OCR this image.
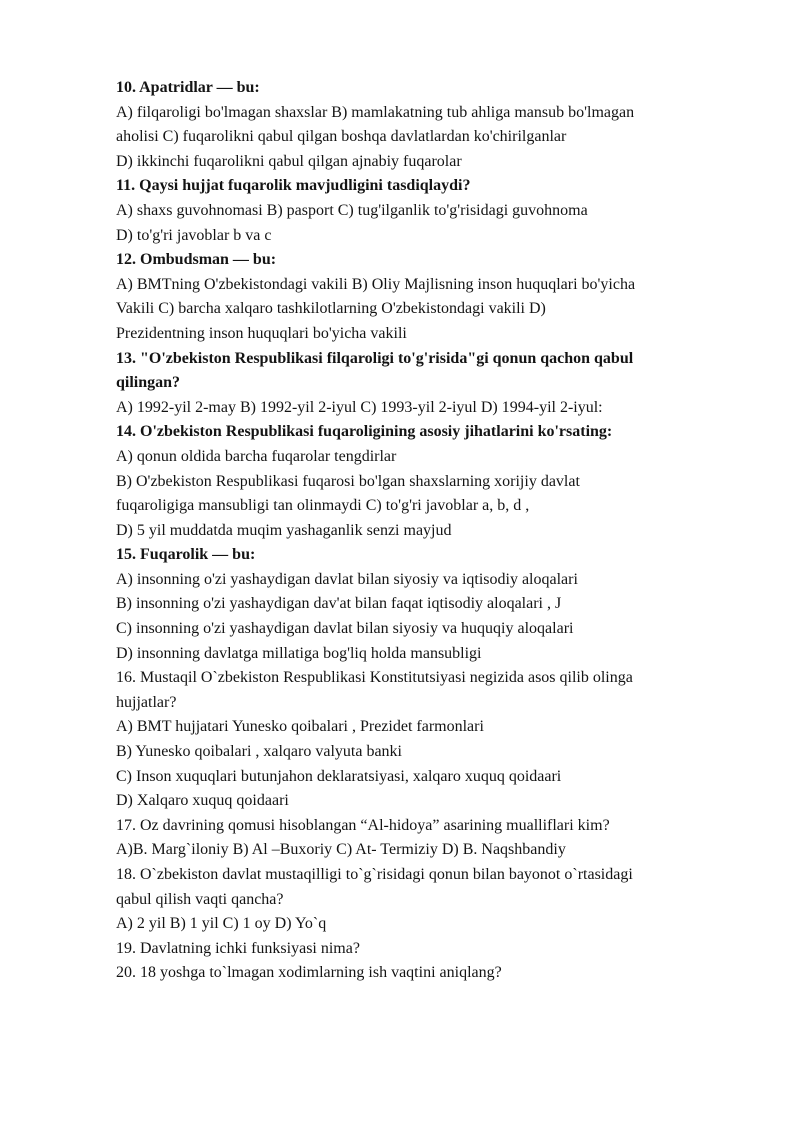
10. Apatridlar — bu:
A) filqaroligi bo'lmagan shaxslar B) mamlakatning tub ahliga mansub bo'lmagan
aholisi C) fuqarolikni qabul qilgan boshqa davlatlardan ko'chirilganlar
D) ikkinchi fuqarolikni qabul qilgan ajnabiy fuqarolar
11. Qaysi hujjat fuqarolik mavjudligini tasdiqlaydi?
A) shaxs guvohnomasi B) pasport C) tug'ilganlik to'g'risidagi guvohnoma
D) to'g'ri javoblar b va c
12. Ombudsman — bu:
A) BMTning O'zbekistondagi vakili B) Oliy Majlisning inson huquqlari bo'yicha
Vakili C) barcha xalqaro tashkilotlarning O'zbekistondagi vakili D)
Prezidentning inson huquqlari bo'yicha vakili
13. "O'zbekiston Respublikasi filqaroligi to'g'risida"gi qonun qachon qabul
qilingan?
A) 1992-yil 2-may B) 1992-yil 2-iyul C) 1993-yil 2-iyul D) 1994-yil 2-iyul:
14. O'zbekiston Respublikasi fuqaroligining asosiy jihatlarini ko'rsating:
A) qonun oldida barcha fuqarolar tengdirlar
B) O'zbekiston Respublikasi fuqarosi bo'lgan shaxslarning xorijiy davlat
fuqaroligiga mansubligi tan olinmaydi C) to'g'ri javoblar a, b, d ,
D) 5 yil muddatda muqim yashaganlik senzi mayjud
15. Fuqarolik — bu:
A) insonning o'zi yashaydigan davlat bilan siyosiy va iqtisodiy aloqalari
B) insonning o'zi yashaydigan dav'at bilan faqat iqtisodiy aloqalari , J
C) insonning o'zi yashaydigan davlat bilan siyosiy va huquqiy aloqalari
D) insonning davlatga millatiga bog'liq holda mansubligi
16. Mustaqil O`zbekiston Respublikasi Konstitutsiyasi negizida asos qilib olinga
hujjatlar?
A) BMT hujjatari Yunesko qoibalari , Prezidet farmonlari
B) Yunesko qoibalari , xalqaro valyuta banki
C) Inson xuquqlari butunjahon deklaratsiyasi, xalqaro xuquq qoidaari
D) Xalqaro xuquq qoidaari
17. Oz davrining qomusi hisoblangan “Al-hidoya” asarining mualliflari kim?
A)B. Marg`iloniy B) Al –Buxoriy C) At- Termiziy D) B. Naqshbandiy
18. O`zbekiston davlat mustaqilligi to`g`risidagi qonun bilan bayonot o`rtasidagi
qabul qilish vaqti qancha?
A) 2 yil B) 1 yil C) 1 oy D) Yo`q
19. Davlatning ichki funksiyasi nima?
20. 18 yoshga to`lmagan xodimlarning ish vaqtini aniqlang?
